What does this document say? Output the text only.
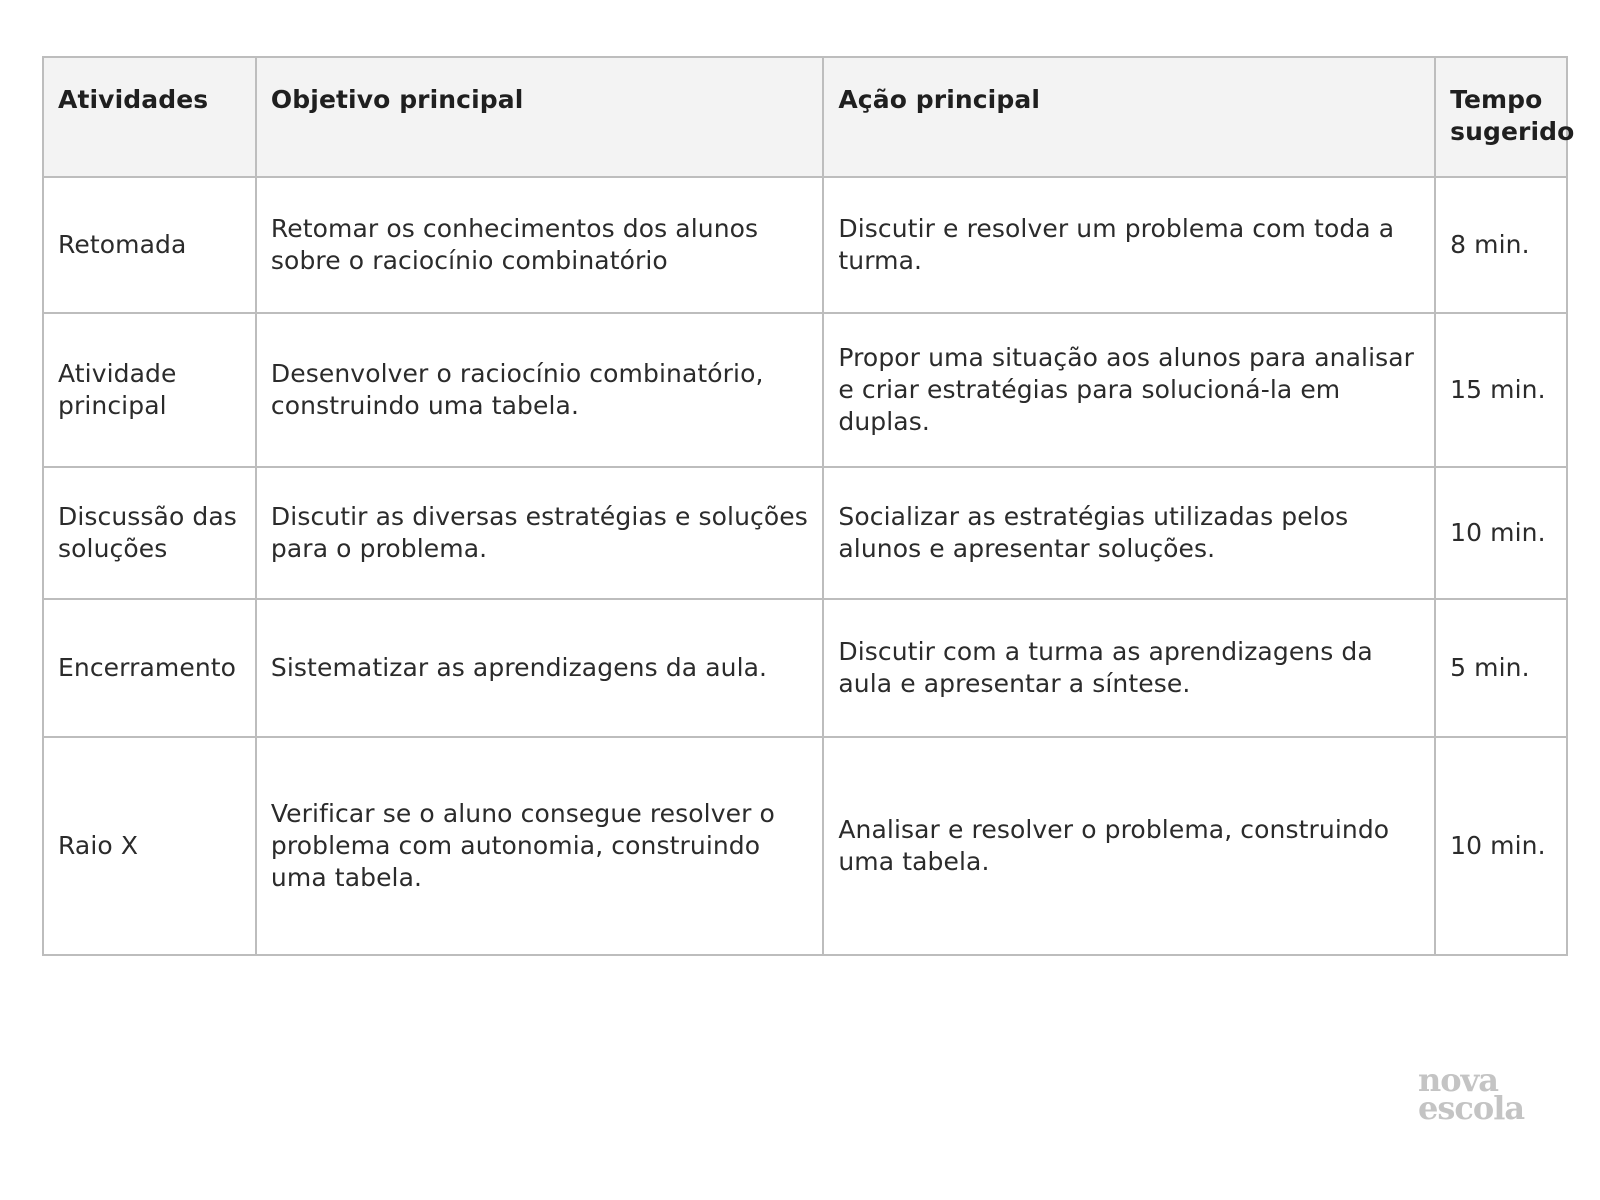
Atividades	Objetivo principal	Ação principal	Tempo sugerido
Retomada	Retomar os conhecimentos dos alunos sobre o raciocínio combinatório	Discutir e resolver um problema com toda a turma.	8 min.
Atividade principal	Desenvolver o raciocínio combinatório, construindo uma tabela.	Propor uma situação aos alunos para analisar e criar estratégias para solucioná-la em duplas.	15 min.
Discussão das soluções	Discutir as diversas estratégias e soluções para o problema.	Socializar as estratégias utilizadas pelos alunos e apresentar soluções.	10 min.
Encerramento	Sistematizar as aprendizagens da aula.	Discutir com a turma as aprendizagens da aula e apresentar a síntese.	5 min.
Raio X	Verificar se o aluno consegue resolver o problema com autonomia, construindo uma tabela.	Analisar e resolver o problema, construindo uma tabela.	10 min.
nova
escola
